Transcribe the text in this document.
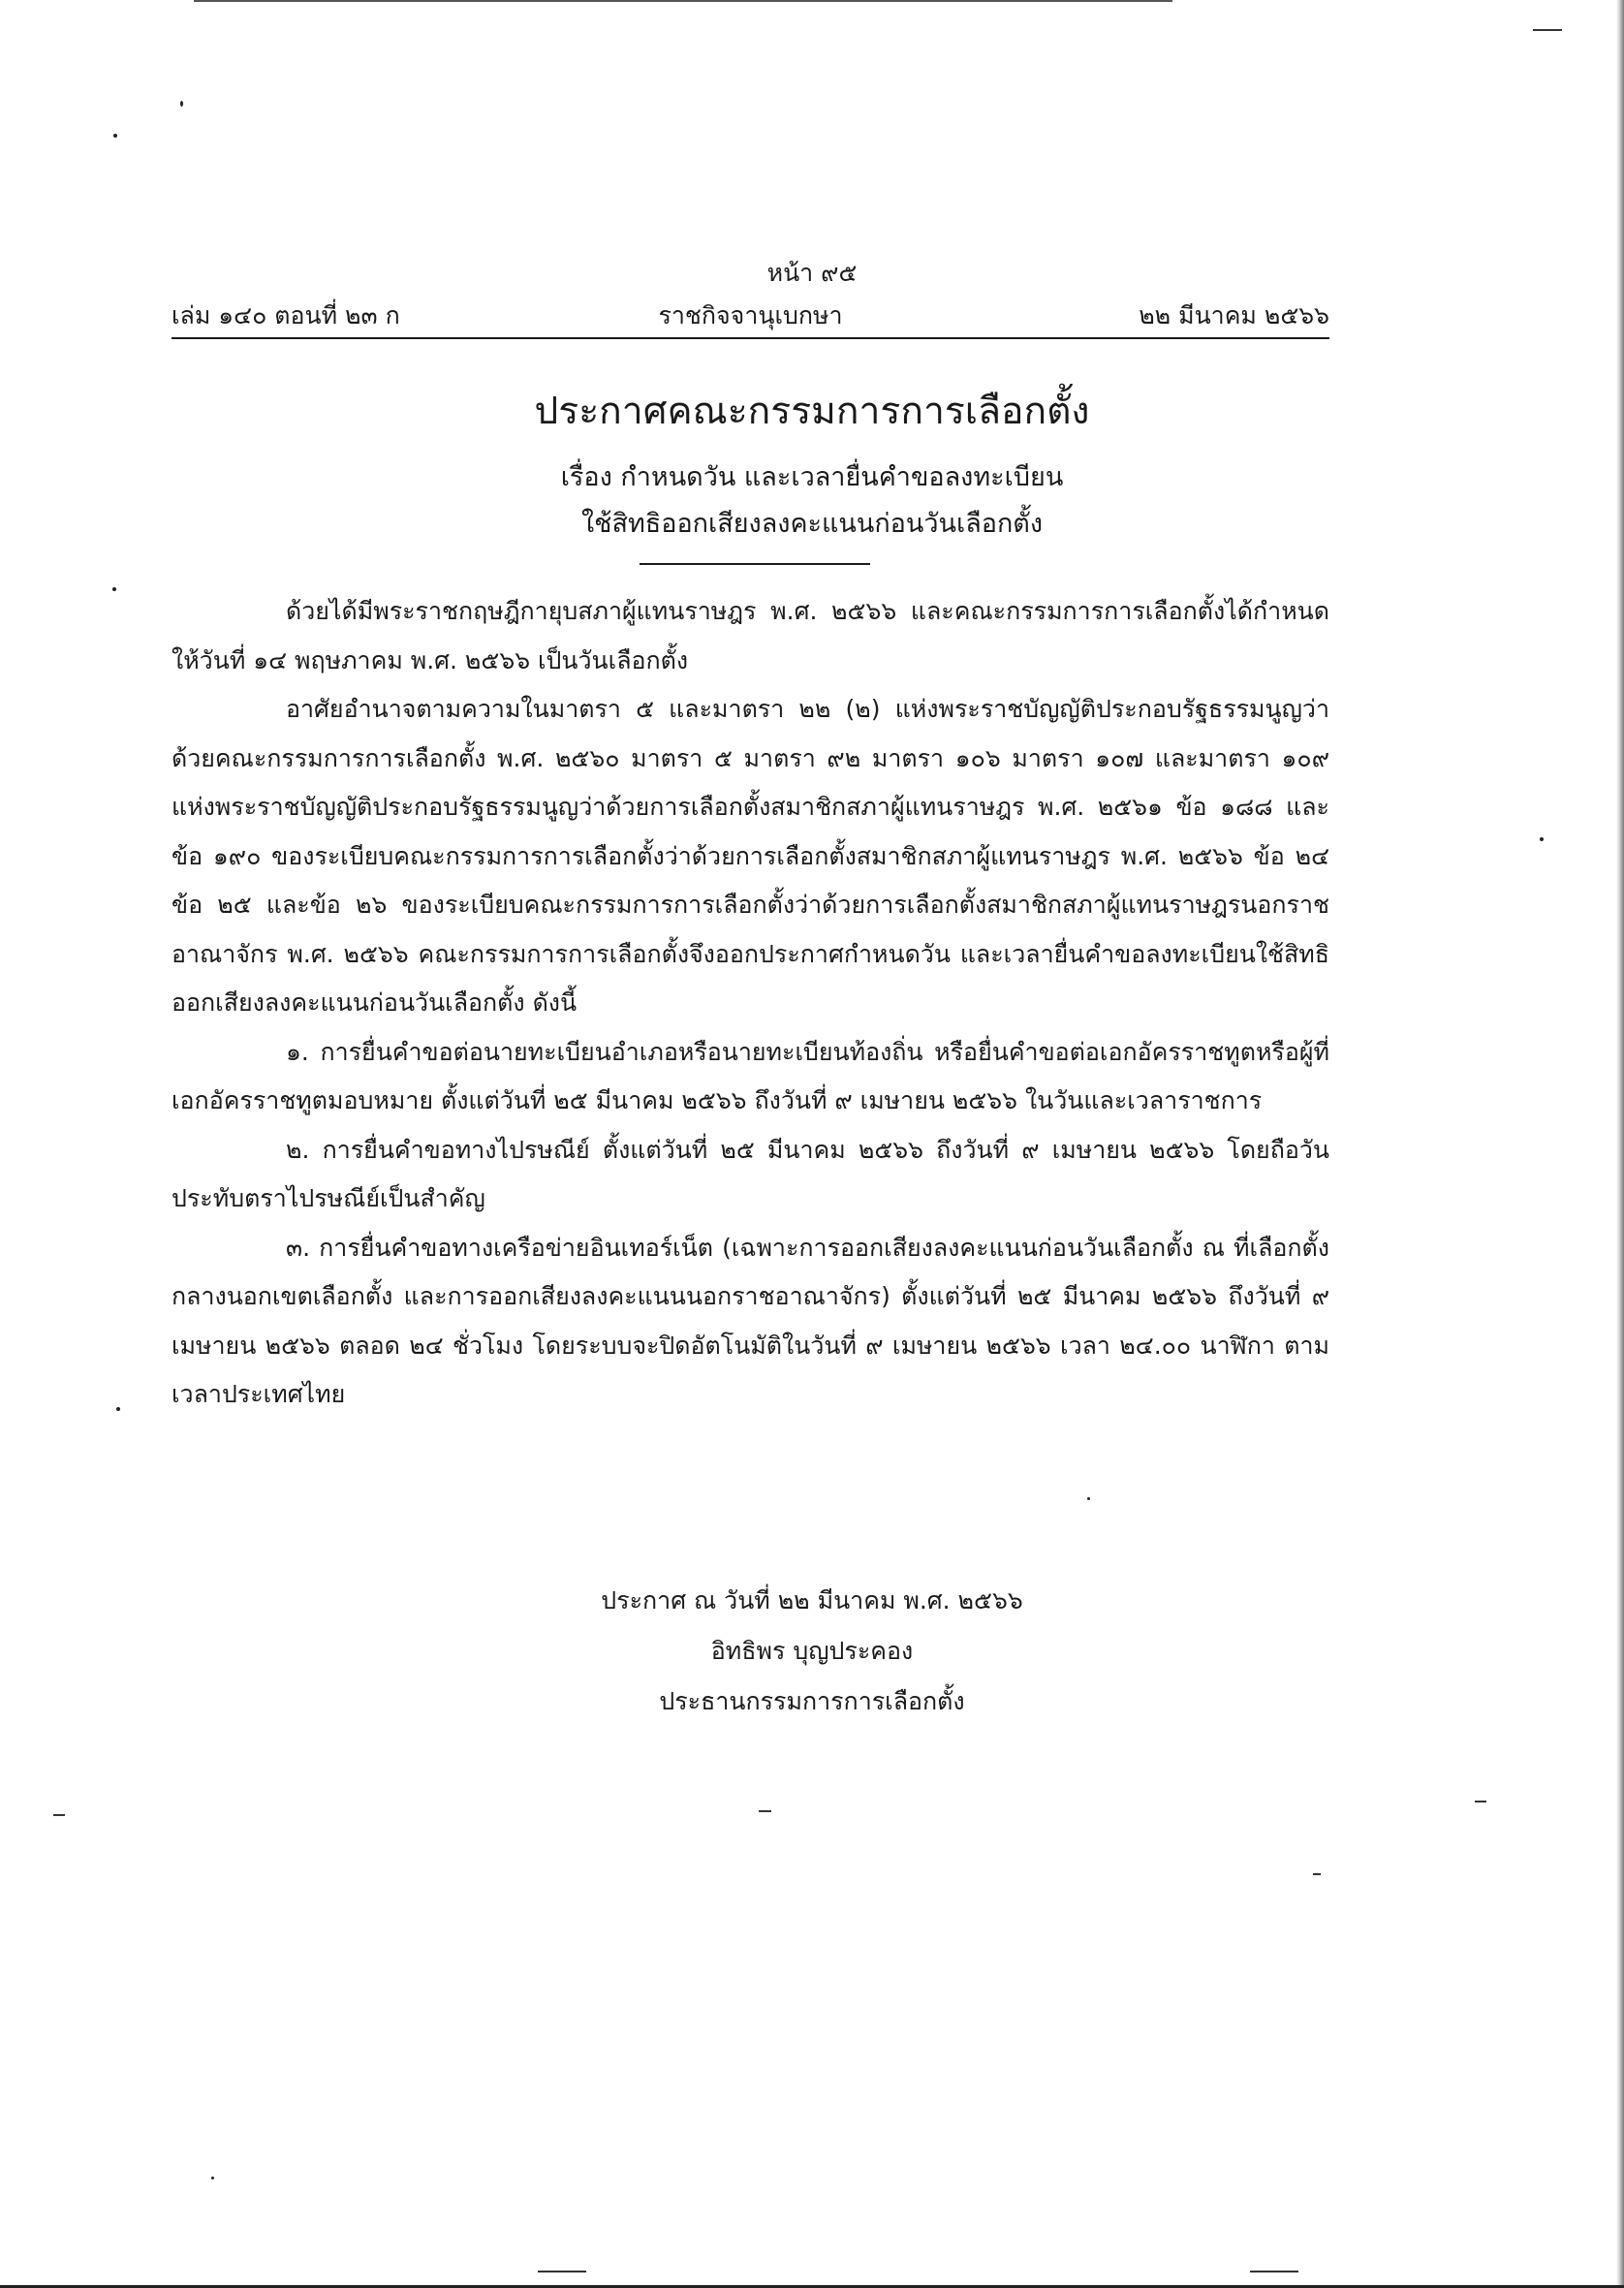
หน้า ๙๕
ราชกิจจานุเบกษา
เล่ม ๑๔๐ ตอนที่ ๒๓ ก	๒๒ มีนาคม ๒๕๖๖
ประกาศคณะกรรมการการเลือกตั้ง
เรื่อง กำหนดวัน และเวลายื่นคำขอลงทะเบียน
ใช้สิทธิออกเสียงลงคะแนนก่อนวันเลือกตั้ง

ด้วยได้มีพระราชกฤษฎีกายุบสภาผู้แทนราษฎร พ.ศ. ๒๕๖๖ และคณะกรรมการการเลือกตั้งได้กำหนดให้วันที่ ๑๔ พฤษภาคม พ.ศ. ๒๕๖๖ เป็นวันเลือกตั้ง

อาศัยอำนาจตามความในมาตรา ๕ และมาตรา ๒๒ (๒) แห่งพระราชบัญญัติประกอบรัฐธรรมนูญว่าด้วยคณะกรรมการการเลือกตั้ง พ.ศ. ๒๕๖๐ มาตรา ๕ มาตรา ๙๒ มาตรา ๑๐๖ มาตรา ๑๐๗ และมาตรา ๑๐๙ แห่งพระราชบัญญัติประกอบรัฐธรรมนูญว่าด้วยการเลือกตั้งสมาชิกสภาผู้แทนราษฎร พ.ศ. ๒๕๖๑ ข้อ ๑๘๘ และข้อ ๑๙๐ ของระเบียบคณะกรรมการการเลือกตั้งว่าด้วยการเลือกตั้งสมาชิกสภาผู้แทนราษฎร พ.ศ. ๒๕๖๖ ข้อ ๒๔ ข้อ ๒๕ และข้อ ๒๖ ของระเบียบคณะกรรมการการเลือกตั้งว่าด้วยการเลือกตั้งสมาชิกสภาผู้แทนราษฎรนอกราชอาณาจักร พ.ศ. ๒๕๖๖ คณะกรรมการการเลือกตั้งจึงออกประกาศกำหนดวัน และเวลายื่นคำขอลงทะเบียนใช้สิทธิออกเสียงลงคะแนนก่อนวันเลือกตั้ง ดังนี้

๑. การยื่นคำขอต่อนายทะเบียนอำเภอหรือนายทะเบียนท้องถิ่น หรือยื่นคำขอต่อเอกอัครราชทูตหรือผู้ที่เอกอัครราชทูตมอบหมาย ตั้งแต่วันที่ ๒๕ มีนาคม ๒๕๖๖ ถึงวันที่ ๙ เมษายน ๒๕๖๖ ในวันและเวลาราชการ

๒. การยื่นคำขอทางไปรษณีย์ ตั้งแต่วันที่ ๒๕ มีนาคม ๒๕๖๖ ถึงวันที่ ๙ เมษายน ๒๕๖๖ โดยถือวันประทับตราไปรษณีย์เป็นสำคัญ

๓. การยื่นคำขอทางเครือข่ายอินเทอร์เน็ต (เฉพาะการออกเสียงลงคะแนนก่อนวันเลือกตั้ง ณ ที่เลือกตั้งกลางนอกเขตเลือกตั้ง และการออกเสียงลงคะแนนนอกราชอาณาจักร) ตั้งแต่วันที่ ๒๕ มีนาคม ๒๕๖๖ ถึงวันที่ ๙ เมษายน ๒๕๖๖ ตลอด ๒๔ ชั่วโมง โดยระบบจะปิดอัตโนมัติในวันที่ ๙ เมษายน ๒๕๖๖ เวลา ๒๔.๐๐ นาฬิกา ตามเวลาประเทศไทย

ประกาศ ณ วันที่ ๒๒ มีนาคม พ.ศ. ๒๕๖๖
อิทธิพร บุญประคอง
ประธานกรรมการการเลือกตั้ง
